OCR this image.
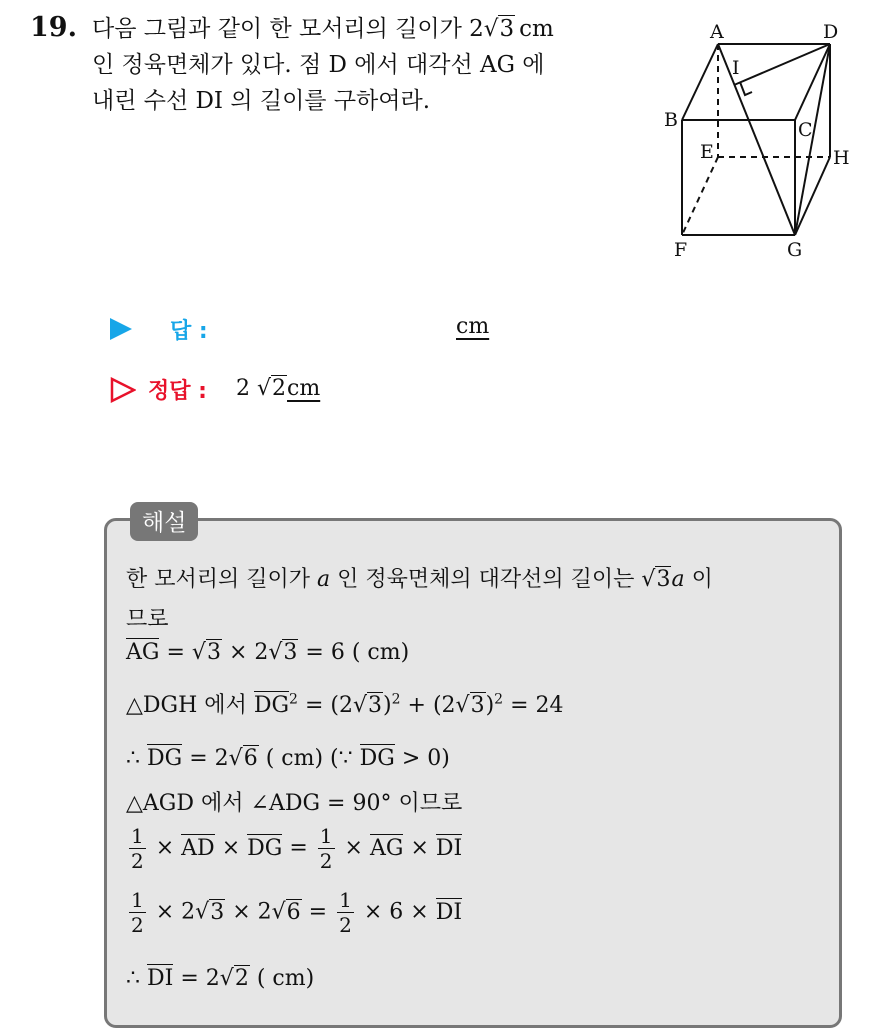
19. 다음 그림과 같이 한 모서리의 길이가 2√3 cm
인 정육면체가 있다. 점 D 에서 대각선 AG 에
내린 수선 DI 의 길이를 구하여라.
A	D
I
B	C
E	H
F	G
답 :	cm
정답 : 2 √2cm
해설
한 모서리의 길이가 a 인 정육면체의 대각선의 길이는 √3a 이
므로
AG = √3 × 2√3 = 6 ( cm)
△DGH 에서 $DG^2 = (2√3)^2 + (2√3)^2 = 24$
∴ DG = 2√6 ( cm) (∵ DG > 0)
△AGD 에서 ∠ADG = 90° 이므로
$\frac{1}{2}$ × AD × DG = $\frac{1}{2}$ × AG × DI
$\frac{1}{2} \times 2√3 \times 2√6 = \frac{1}{2} \times 6$ × DI
∴ DI = 2√2 ( cm)
